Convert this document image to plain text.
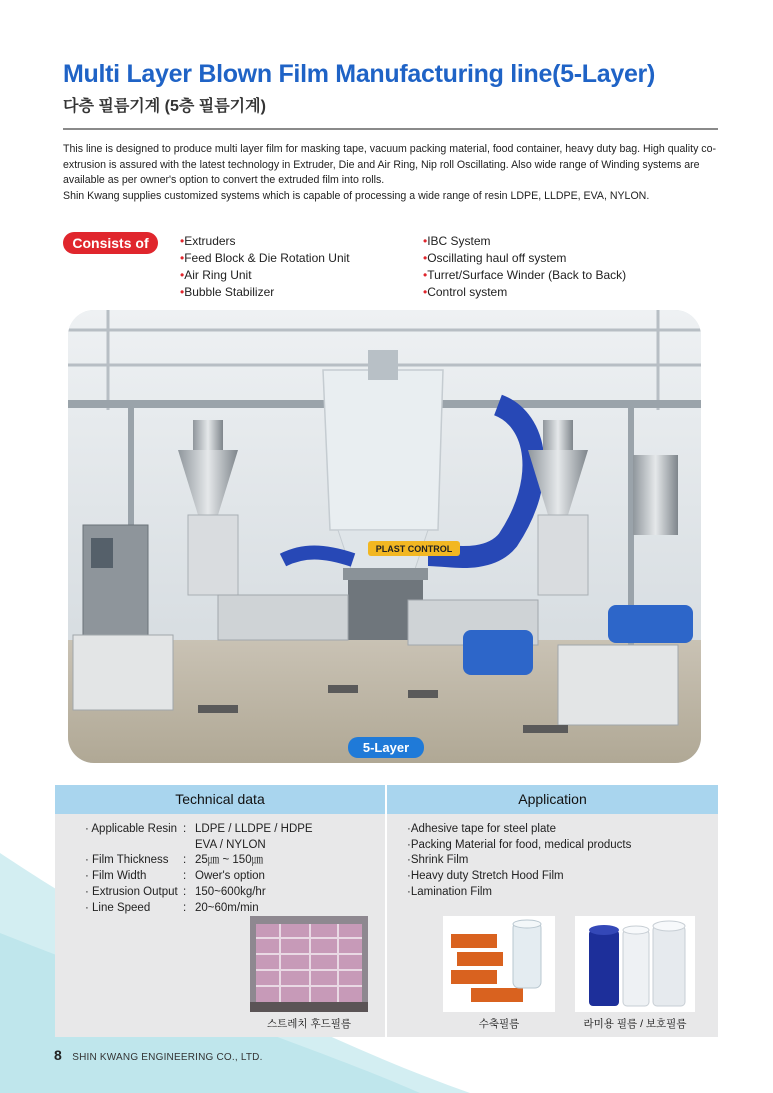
Multi Layer Blown Film Manufacturing line(5-Layer)
다층 필름기계 (5층 필름기계)

This line is designed to produce multi layer film for masking tape, vacuum packing material, food container, heavy duty bag. High quality co-extrusion is assured with the latest technology in Extruder, Die and Air Ring, Nip roll Oscillating. Also wide range of Winding systems are available as per owner's option to convert the extruded film into rolls.

Shin Kwang supplies customized systems which is capable of processing a wide range of resin LDPE, LLDPE, EVA, NYLON.

Consists of
•	Extruders
• Feed Block & Die Rotation Unit
• Air Ring Unit
• Bubble Stabilizer
• IBC System
• Oscillating haul off system
• Turret/Surface Winder (Back to Back)
• Control system
PLAST CONTROL
5-Layer
Technical data	Application
· Applicable Resin : LDPE / LLDPE / HDPE
EVA / NYLON
· Film Thickness	: 25㎛ ~ 150㎛
· Film Width	: Ower's option
· Extrusion Output : 150~600kg/hr
· Line Speed	: 20~60m/min
· Adhesive tape for steel plate
· Packing Material for food, medical products
· Shrink Film
· Heavy duty Stretch Hood Film
· Lamination Film
스트레치 후드필름	수축필름	라미용 필름 / 보호필름
8 SHIN KWANG ENGINEERING CO., LTD.
